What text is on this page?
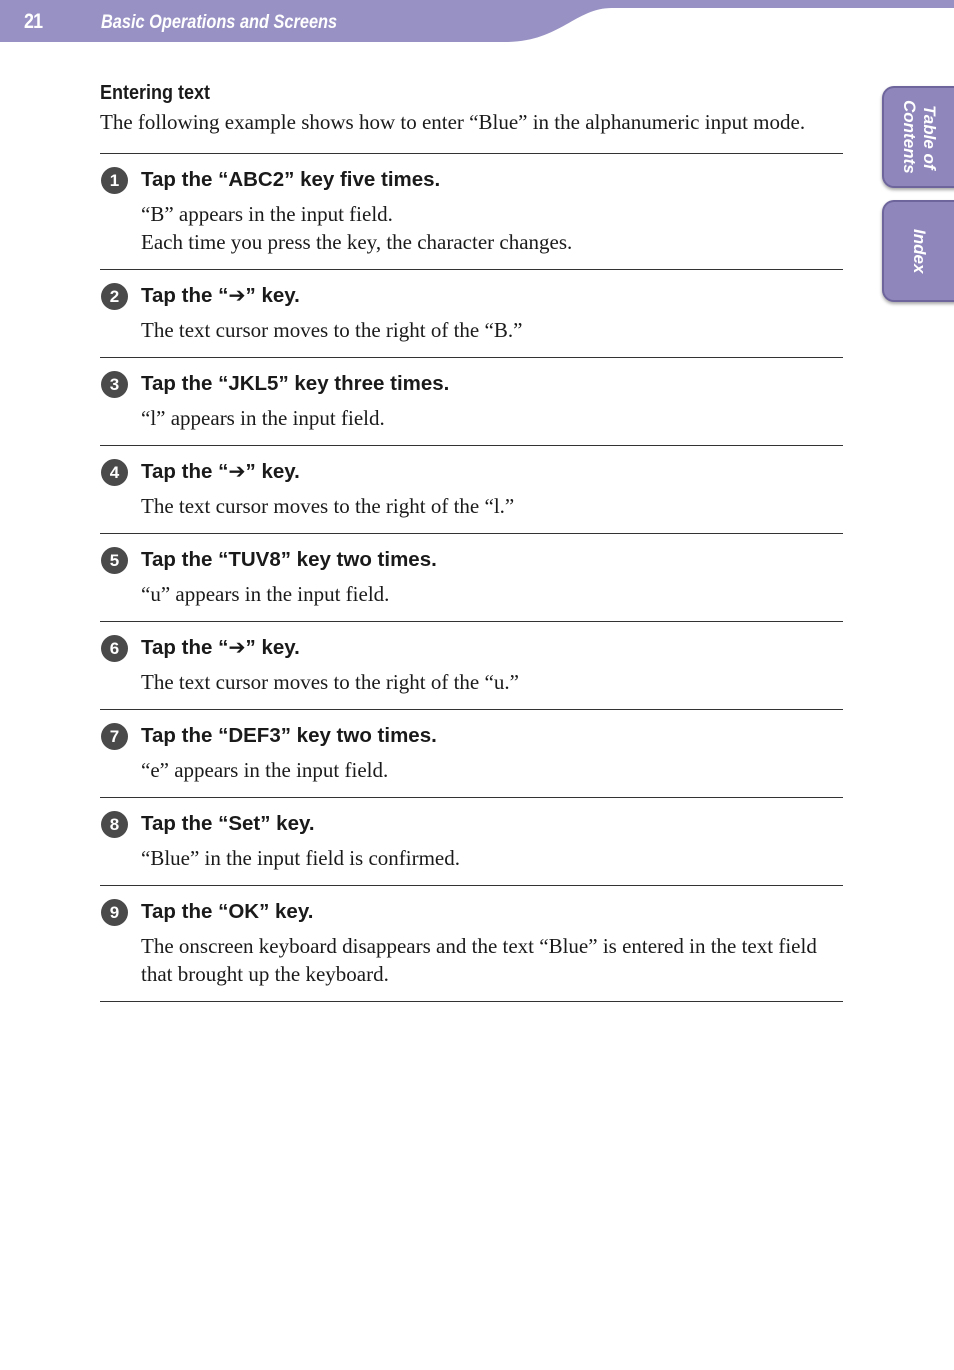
21	Basic Operations and Screens
Table of
Contents
Index
Entering text

The following example shows how to enter “Blue” in the alphanumeric input mode.

1	Tap the “ABC2” key five times.

“B” appears in the input field.
Each time you press the key, the character changes.

2	Tap the “➔” key.

The text cursor moves to the right of the “B.”

3	Tap the “JKL5” key three times.

“l” appears in the input field.

4	Tap the “➔” key.

The text cursor moves to the right of the “l.”

5	Tap the “TUV8” key two times.

“u” appears in the input field.

6	Tap the “➔” key.

The text cursor moves to the right of the “u.”

7	Tap the “DEF3” key two times.

“e” appears in the input field.

8	Tap the “Set” key.

“Blue” in the input field is confirmed.

9	Tap the “OK” key.

The onscreen keyboard disappears and the text “Blue” is entered in the text field that brought up the keyboard.
